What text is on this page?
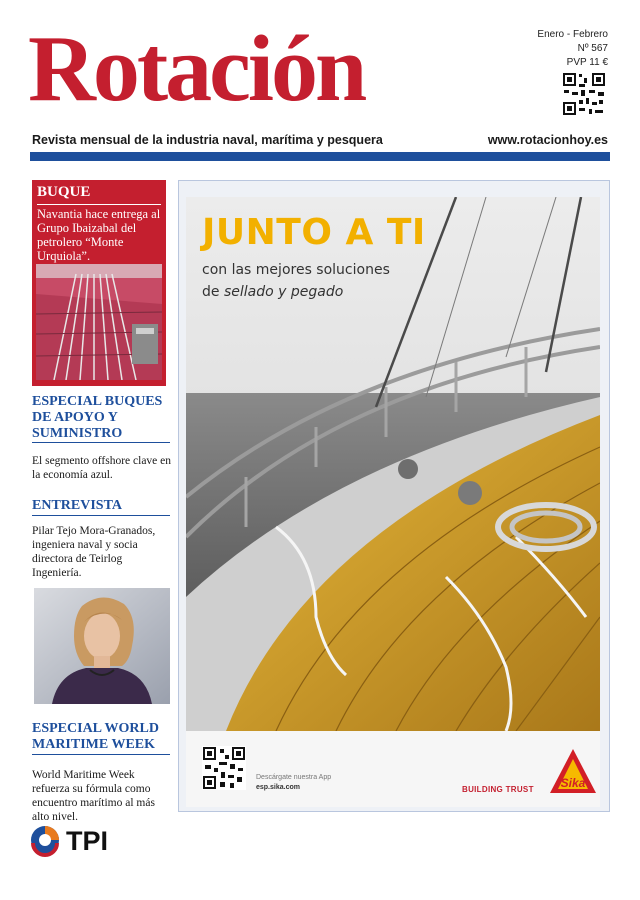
Rotación	Enero - Febrero
Nº 567
PVP 11 €
Revista mensual de la industria naval, marítima y pesquera	www.rotacionhoy.es
BUQUE
Navantia hace entrega al Grupo Ibaizabal del petrolero “Monte Urquiola”.
ESPECIAL BUQUES DE APOYO Y SUMINISTRO
El segmento offshore clave en la economía azul.
ENTREVISTA
Pilar Tejo Mora-Granados, ingeniera naval y socia directora de Teirlog Ingeniería.
ESPECIAL WORLD MARITIME WEEK
World Maritime Week refuerza su fórmula como encuentro marítimo al más alto nivel.
TPI
JUNTO A TI
con las mejores soluciones
de sellado y pegado
Descárgate nuestra App
esp.sika.com	BUILDING TRUST Sika
